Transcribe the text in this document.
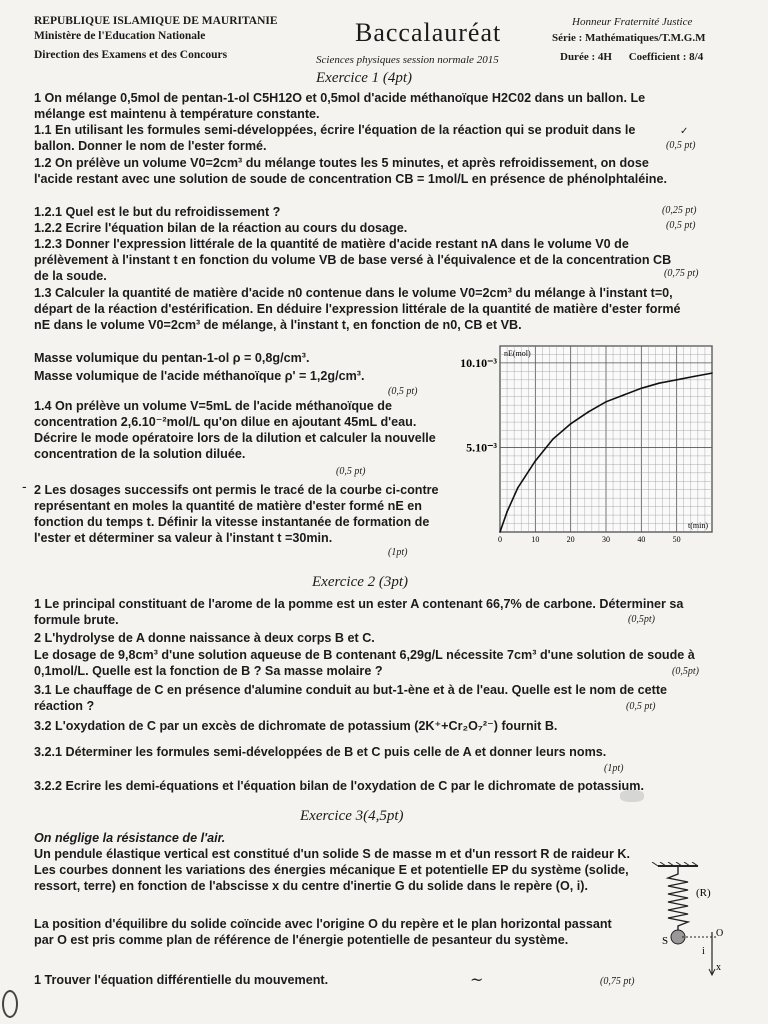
REPUBLIQUE ISLAMIQUE DE MAURITANIE
Ministère de l'Education Nationale
Direction des Examens et des Concours
Baccalauréat	Honneur Fraternité Justice
Série : Mathématiques/T.M.G.M
Sciences physiques session normale 2015	Durée : 4H Coefficient : 8/4
Exercice 1 (4pt)
1 On mélange 0,5mol de pentan-1-ol C5H12O et 0,5mol d'acide méthanoïque H2C02 dans un ballon. Le mélange est maintenu à température constante.
1.1 En utilisant les formules semi-développées, écrire l'équation de la réaction qui se produit dans le ballon. Donner le nom de l'ester formé.	(0,5 pt)
✓
1.2 On prélève un volume V0=2cm³ du mélange toutes les 5 minutes, et après refroidissement, on dose l'acide restant avec une solution de soude de concentration CB = 1mol/L en présence de phénolphtaléine.
1.2.1 Quel est le but du refroidissement ?	(0,25 pt)
1.2.2 Ecrire l'équation bilan de la réaction au cours du dosage.	(0,5 pt)
1.2.3 Donner l'expression littérale de la quantité de matière d'acide restant nA dans le volume V0 de prélèvement à l'instant t en fonction du volume VB de base versé à l'équivalence et de la concentration CB de la soude.	(0,75 pt)
1.3 Calculer la quantité de matière d'acide n0 contenue dans le volume V0=2cm³ du mélange à l'instant t=0, départ de la réaction d'estérification. En déduire l'expression littérale de la quantité de matière d'ester formé nE dans le volume V0=2cm³ de mélange, à l'instant t, en fonction de n0, CB et VB.
Masse volumique du pentan-1-ol ρ = 0,8g/cm³.
Masse volumique de l'acide méthanoïque ρ' = 1,2g/cm³.
(0,5 pt)
1.4 On prélève un volume V=5mL de l'acide méthanoïque de concentration 2,6.10⁻²mol/L qu'on dilue en ajoutant 45mL d'eau. Décrire le mode opératoire lors de la dilution et calculer la nouvelle concentration de la solution diluée.
(0,5 pt)
‑ 2 Les dosages successifs ont permis le tracé de la courbe ci-contre représentant en moles la quantité de matière d'ester formé nE en fonction du temps t. Définir la vitesse instantanée de formation de l'ester et déterminer sa valeur à l'instant t =30min.
(1pt)
0	10	20	30	40	50
10.10⁻³
5.10⁻³
nE(mol)
t(min)
Exercice 2 (3pt)
1 Le principal constituant de l'arome de la pomme est un ester A contenant 66,7% de carbone. Déterminer sa formule brute.	(0,5pt)
2 L'hydrolyse de A donne naissance à deux corps B et C.
Le dosage de 9,8cm³ d'une solution aqueuse de B contenant 6,29g/L nécessite 7cm³ d'une solution de soude à 0,1mol/L. Quelle est la fonction de B ? Sa masse molaire ?	(0,5pt)
3.1 Le chauffage de C en présence d'alumine conduit au but-1-ène et à de l'eau. Quelle est le nom de cette réaction ?	(0,5 pt)
3.2 L'oxydation de C par un excès de dichromate de potassium (2K⁺+Cr₂O₇²⁻) fournit B.
3.2.1 Déterminer les formules semi-développées de B et C puis celle de A et donner leurs noms.
(1pt)
3.2.2 Ecrire les demi-équations et l'équation bilan de l'oxydation de C par le dichromate de potassium.
Exercice 3(4,5pt)
On néglige la résistance de l'air.
Un pendule élastique vertical est constitué d'un solide S de masse m et d'un ressort R de raideur K. Les courbes donnent les variations des énergies mécanique E et potentielle EP du système (solide, ressort, terre) en fonction de l'abscisse x du centre d'inertie G du solide dans le repère (O, i).
La position d'équilibre du solide coïncide avec l'origine O du repère et le plan horizontal passant par O est pris comme plan de référence de l'énergie potentielle de pesanteur du système.
1 Trouver l'équation différentielle du mouvement.	~	(0,75 pt)
(R)
S
O
i
x
